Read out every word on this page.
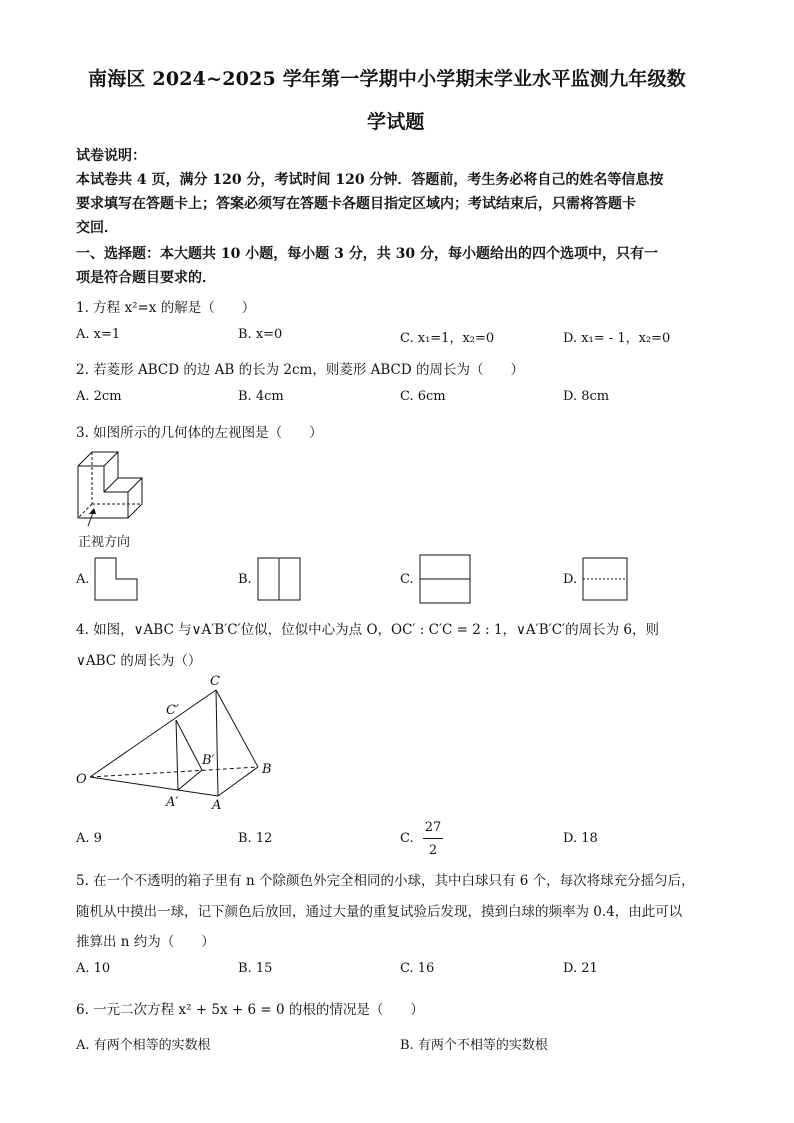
南海区 2024~2025 学年第一学期中小学期末学业水平监测九年级数
学试题
试卷说明：
本试卷共 4 页，满分 120 分，考试时间 120 分钟．答题前，考生务必将自己的姓名等信息按
要求填写在答题卡上；答案必须写在答题卡各题目指定区域内；考试结束后，只需将答题卡
交回．
一、选择题：本大题共 10 小题，每小题 3 分，共 30 分，每小题给出的四个选项中，只有一
项是符合题目要求的．
1. 方程 x²=x 的解是（　　）
A. x=1	B. x=0	C. x₁=1，x₂=0	D. x₁= - 1，x₂=0
2. 若菱形 ABCD 的边 AB 的长为 2cm，则菱形 ABCD 的周长为（　　）
A. 2cm	B. 4cm	C. 6cm	D. 8cm
3. 如图所示的几何体的左视图是（　　）
正视方向
A.	B.	C.	D.
4. 如图，∨ABC 与∨A′B′C′位似，位似中心为点 O，OC′ : C′C = 2 : 1，∨A′B′C′的周长为 6，则
∨ABC 的周长为（）
C
C′
B′
B
O
A′	A
A. 9	B. 12	C.
27
2
D. 18
5. 在一个不透明的箱子里有 n 个除颜色外完全相同的小球，其中白球只有 6 个，每次将球充分摇匀后，
随机从中摸出一球，记下颜色后放回，通过大量的重复试验后发现，摸到白球的频率为 0.4，由此可以
推算出 n 约为（　　）
A. 10	B. 15	C. 16	D. 21
6. 一元二次方程 x² + 5x + 6 = 0 的根的情况是（　　）
A. 有两个相等的实数根	B. 有两个不相等的实数根
